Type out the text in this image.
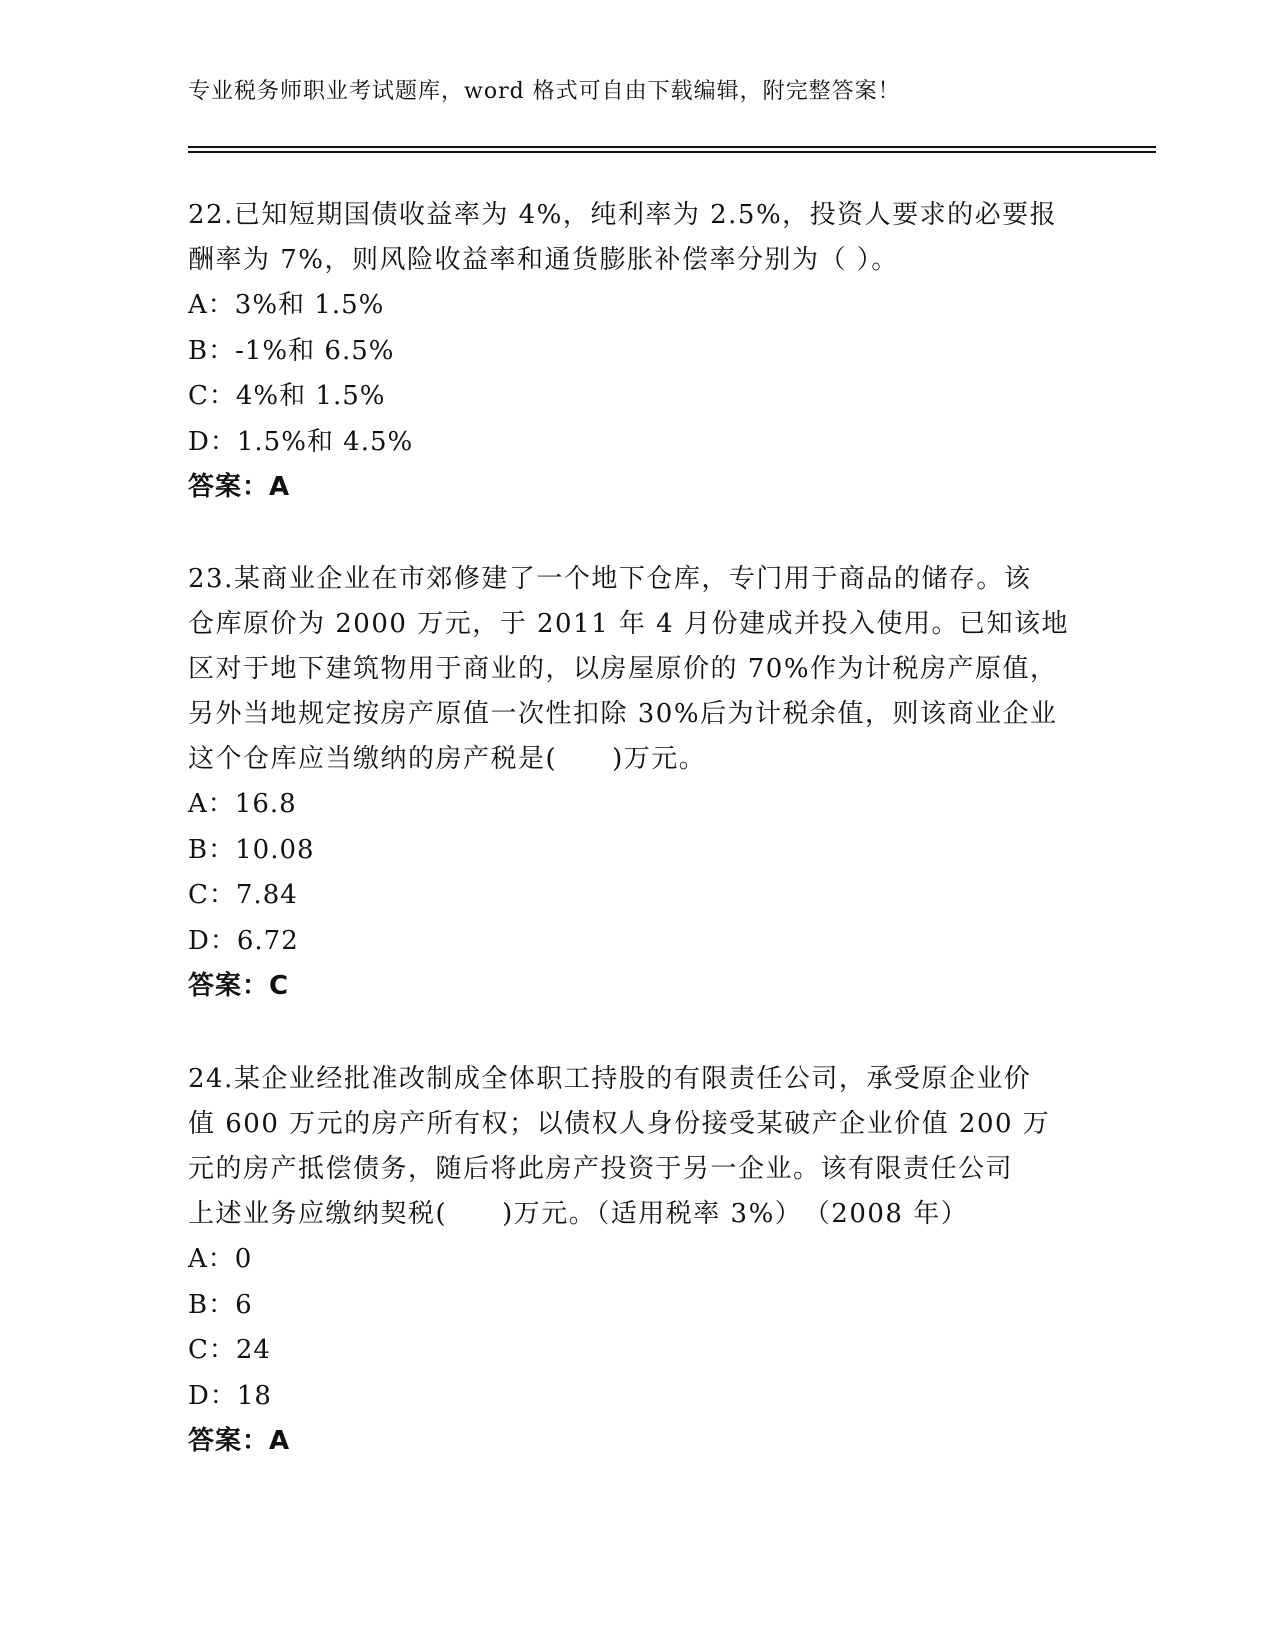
专业税务师职业考试题库，word 格式可自由下载编辑，附完整答案！

22.已知短期国债收益率为 4%，纯利率为 2.5%，投资人要求的必要报

酬率为 7%，则风险收益率和通货膨胀补偿率分别为（ ）。

A：3%和 1.5%

B：-1%和 6.5%

C：4%和 1.5%

D：1.5%和 4.5%

答案：A

23.某商业企业在市郊修建了一个地下仓库，专门用于商品的储存。该

仓库原价为 2000 万元，于 2011 年 4 月份建成并投入使用。已知该地

区对于地下建筑物用于商业的，以房屋原价的 70%作为计税房产原值，

另外当地规定按房产原值一次性扣除 30%后为计税余值，则该商业企业

这个仓库应当缴纳的房产税是(　　)万元。

A：16.8

B：10.08

C：7.84

D：6.72

答案：C

24.某企业经批准改制成全体职工持股的有限责任公司，承受原企业价

值 600 万元的房产所有权；以债权人身份接受某破产企业价值 200 万

元的房产抵偿债务，随后将此房产投资于另一企业。该有限责任公司

上述业务应缴纳契税(　　)万元。（适用税率 3%）　（2008 年）

A：0

B：6

C：24

D：18

答案：A
